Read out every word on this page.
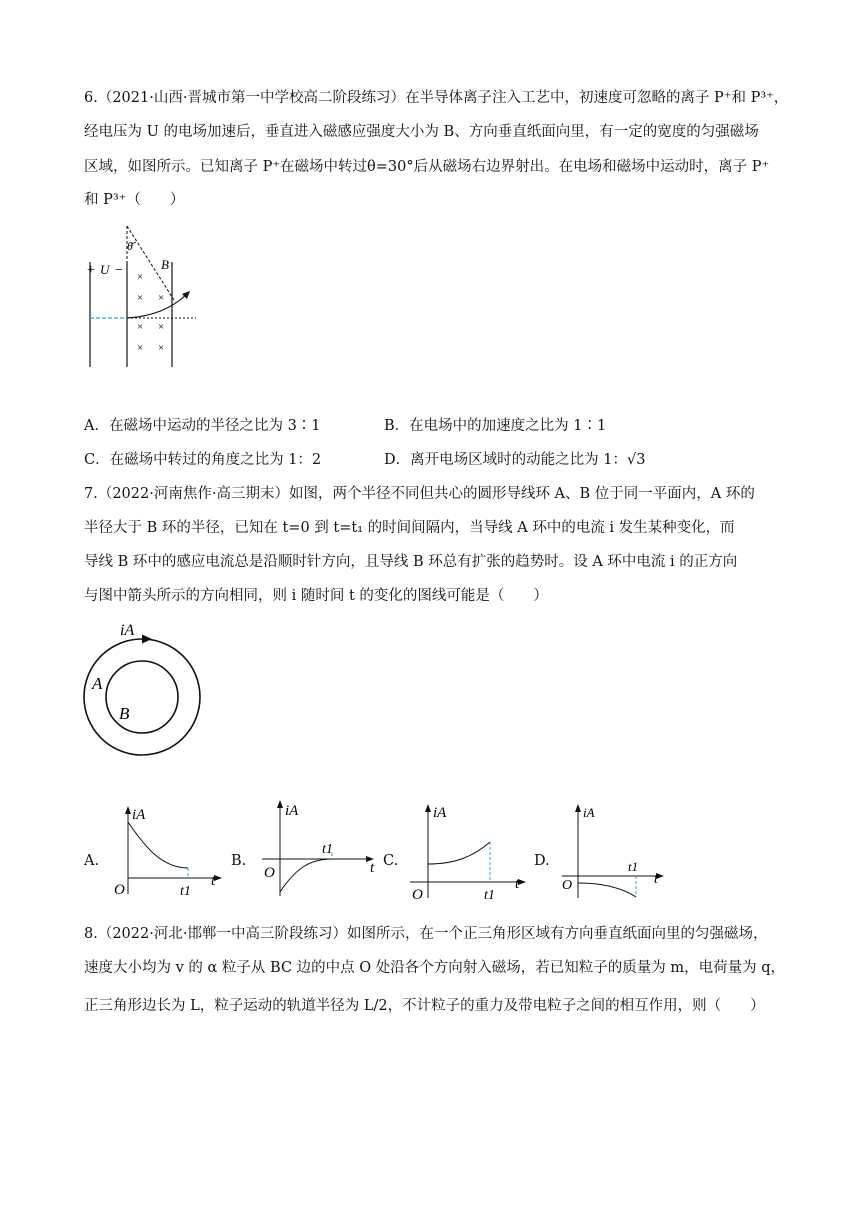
6.（2021·山西·晋城市第一中学校高二阶段练习）在半导体离子注入工艺中，初速度可忽略的离子 P⁺和 P³⁺，
经电压为 U 的电场加速后，垂直进入磁感应强度大小为 B、方向垂直纸面向里，有一定的宽度的匀强磁场
区域，如图所示。已知离子 P⁺在磁场中转过θ=30°后从磁场右边界射出。在电场和磁场中运动时，离子 P⁺
和 P³⁺（　　）
+ U −
θ
B
×
× ×
× ×
× ×
A．在磁场中运动的半径之比为 3∶1	B．在电场中的加速度之比为 1∶1
C．在磁场中转过的角度之比为 1：2	D．离开电场区域时的动能之比为 1：√3
7.（2022·河南焦作·高三期末）如图，两个半径不同但共心的圆形导线环 A、B 位于同一平面内，A 环的
半径大于 B 环的半径，已知在 t=0 到 t=t₁ 的时间间隔内，当导线 A 环中的电流 i 发生某种变化，而
导线 B 环中的感应电流总是沿顺时针方向，且导线 B 环总有扩张的趋势时。设 A 环中电流 i 的正方向
与图中箭头所示的方向相同，则 i 随时间 t 的变化的图线可能是（　　）
iA
A
B
A.
iA
t
O	t1
B.
iA
t
O
t1
C.
iA
t
O	t1
D.
iA
t
O
t1
8.（2022·河北·邯郸一中高三阶段练习）如图所示，在一个正三角形区域有方向垂直纸面向里的匀强磁场，
速度大小均为 v 的 α 粒子从 BC 边的中点 O 处沿各个方向射入磁场，若已知粒子的质量为 m，电荷量为 q，
正三角形边长为 L，粒子运动的轨道半径为 L/2，不计粒子的重力及带电粒子之间的相互作用，则（　　）
